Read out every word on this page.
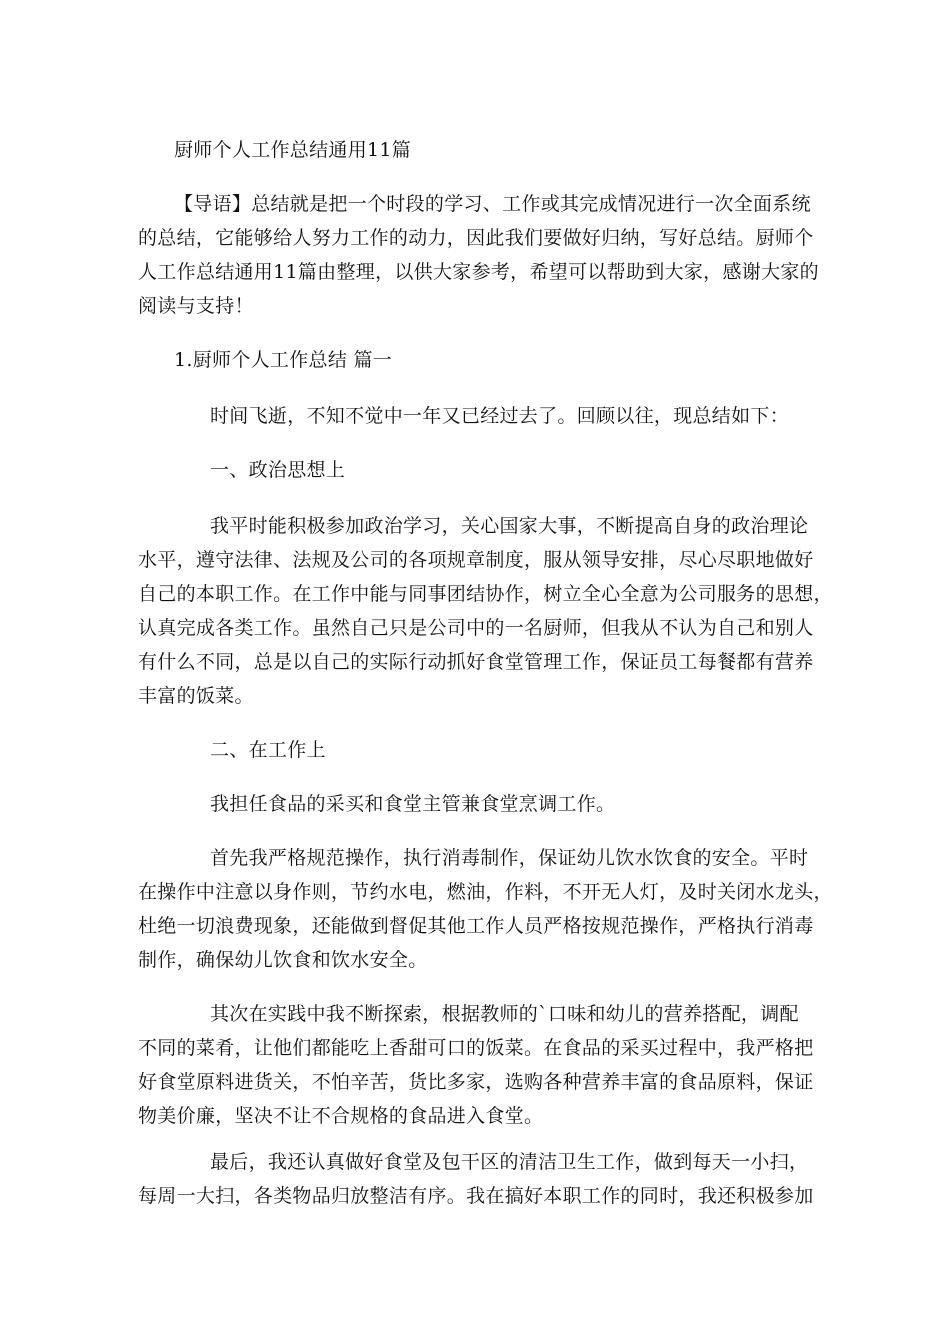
厨师个人工作总结通用11篇
【导语】总结就是把一个时段的学习、工作或其完成情况进行一次全面系统
的总结，它能够给人努力工作的动力，因此我们要做好归纳，写好总结。厨师个
人工作总结通用11篇由整理，以供大家参考，希望可以帮助到大家，感谢大家的
阅读与支持！
1.厨师个人工作总结 篇一
时间飞逝，不知不觉中一年又已经过去了。回顾以往，现总结如下：
一、政治思想上
我平时能积极参加政治学习，关心国家大事，不断提高自身的政治理论
水平，遵守法律、法规及公司的各项规章制度，服从领导安排，尽心尽职地做好
自己的本职工作。在工作中能与同事团结协作，树立全心全意为公司服务的思想，
认真完成各类工作。虽然自己只是公司中的一名厨师，但我从不认为自己和别人
有什么不同，总是以自己的实际行动抓好食堂管理工作，保证员工每餐都有营养
丰富的饭菜。
二、在工作上
我担任食品的采买和食堂主管兼食堂烹调工作。
首先我严格规范操作，执行消毒制作，保证幼儿饮水饮食的安全。平时
在操作中注意以身作则，节约水电，燃油，作料，不开无人灯，及时关闭水龙头，
杜绝一切浪费现象，还能做到督促其他工作人员严格按规范操作，严格执行消毒
制作，确保幼儿饮食和饮水安全。
其次在实践中我不断探索，根据教师的`口味和幼儿的营养搭配，调配
不同的菜肴，让他们都能吃上香甜可口的饭菜。在食品的采买过程中，我严格把
好食堂原料进货关，不怕辛苦，货比多家，选购各种营养丰富的食品原料，保证
物美价廉，坚决不让不合规格的食品进入食堂。
最后，我还认真做好食堂及包干区的清洁卫生工作，做到每天一小扫，
每周一大扫，各类物品归放整洁有序。我在搞好本职工作的同时，我还积极参加
